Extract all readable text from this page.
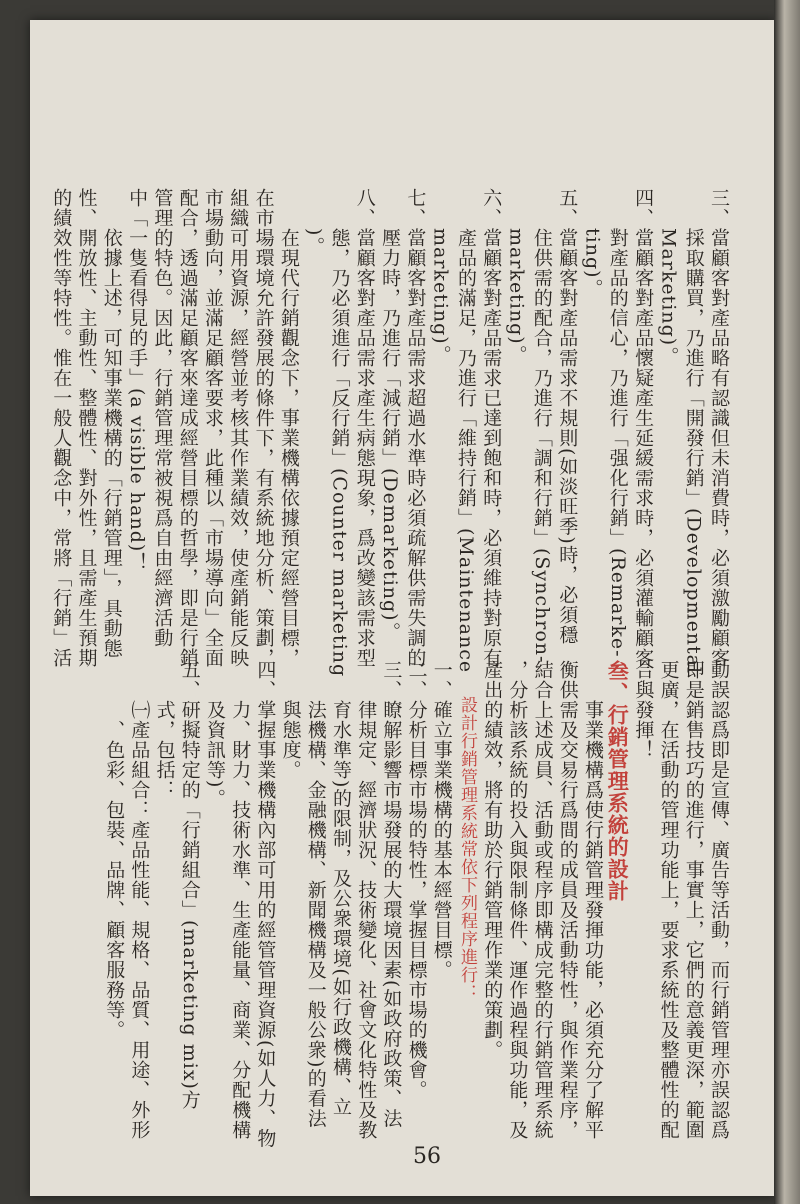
三、當顧客對產品略有認識但未消費時，必須激勵顧客
　　採取購買，乃進行「開發行銷」(Developmental
　　Marketing)。
四、當顧客對產品懷疑產生延緩需求時，必須灌輸顧客
　　對產品的信心，乃進行「强化行銷」(Remarke-
　　ting)。
五、當顧客對產品需求不規則(如淡旺季)時，必須穩
　　住供需的配合，乃進行「調和行銷」(Synchron-
　　marketing)。
六、當顧客對產品需求已達到飽和時，必須維持對原有
　　產品的滿足，乃進行「維持行銷」(Maintenance
　　marketing)。
七、當顧客對產品需求超過水準時必須疏解供需失調的
　　壓力時，乃進行「減行銷」(Demarketing)。
八、當顧客對產品需求產生病態現象，爲改變該需求型
　　態，乃必須進行「反行銷」(Counter marketing
　　)。
　　在現代行銷觀念下，事業機構依據預定經營目標，
在市場環境允許發展的條件下，有系統地分析、策劃，
組織可用資源，經營並考核其作業績效，使產銷能反映
市場動向，並滿足顧客要求，此種以「市場導向」全面
配合，透過滿足顧客來達成經營目標的哲學，即是行銷
管理的特色。因此，行銷管理常被視爲自由經濟活動
中「一隻看得見的手」(a visible hand)！
　　依據上述，可知事業機構的「行銷管理」，具動態
性、開放性、主動性、整體性、對外性，且需產生預期
的績效性等特性。惟在一般人觀念中，常將「行銷」活
動誤認爲即是宣傳、廣告等活動，而行銷管理亦誤認爲
即是銷售技巧的進行，事實上，它們的意義更深，範圍
更廣，在活動的管理功能上，要求系統性及整體性的配
合與發揮！
叁、行銷管理系統的設計
　　事業機構爲使行銷管理發揮功能，必須充分了解平
衡供需及交易行爲間的成員及活動特性，與作業程序，
結合上述成員、活動或程序即構成完整的行銷管理系統
，分析該系統的投入與限制條件、運作過程與功能，及
產出的績效，將有助於行銷管理作業的策劃。
　　設計行銷管理系統常依下列程序進行：
一、確立事業機構的基本經營目標。
二、分析目標市場的特性，掌握目標市場的機會。
三、瞭解影響市場發展的大環境因素(如政府政策、法
　　律規定、經濟狀況、技術變化、社會文化特性及教
　　育水準等)的限制，及公衆環境(如行政機構、立
　　法機構、金融機構、新聞機構及一般公衆)的看法
　　與態度。
四、掌握事業機構內部可用的經管管理資源(如人力、物
　　力、財力、技術水準、生產能量、商業、分配機構
　　及資訊等)。
五、研擬特定的「行銷組合」(marketing mix)方
　　式，包括：
　　㈠產品組合：產品性能、規格、品質、用途、外形
　　　、色彩、包裝、品牌、顧客服務等。
56
